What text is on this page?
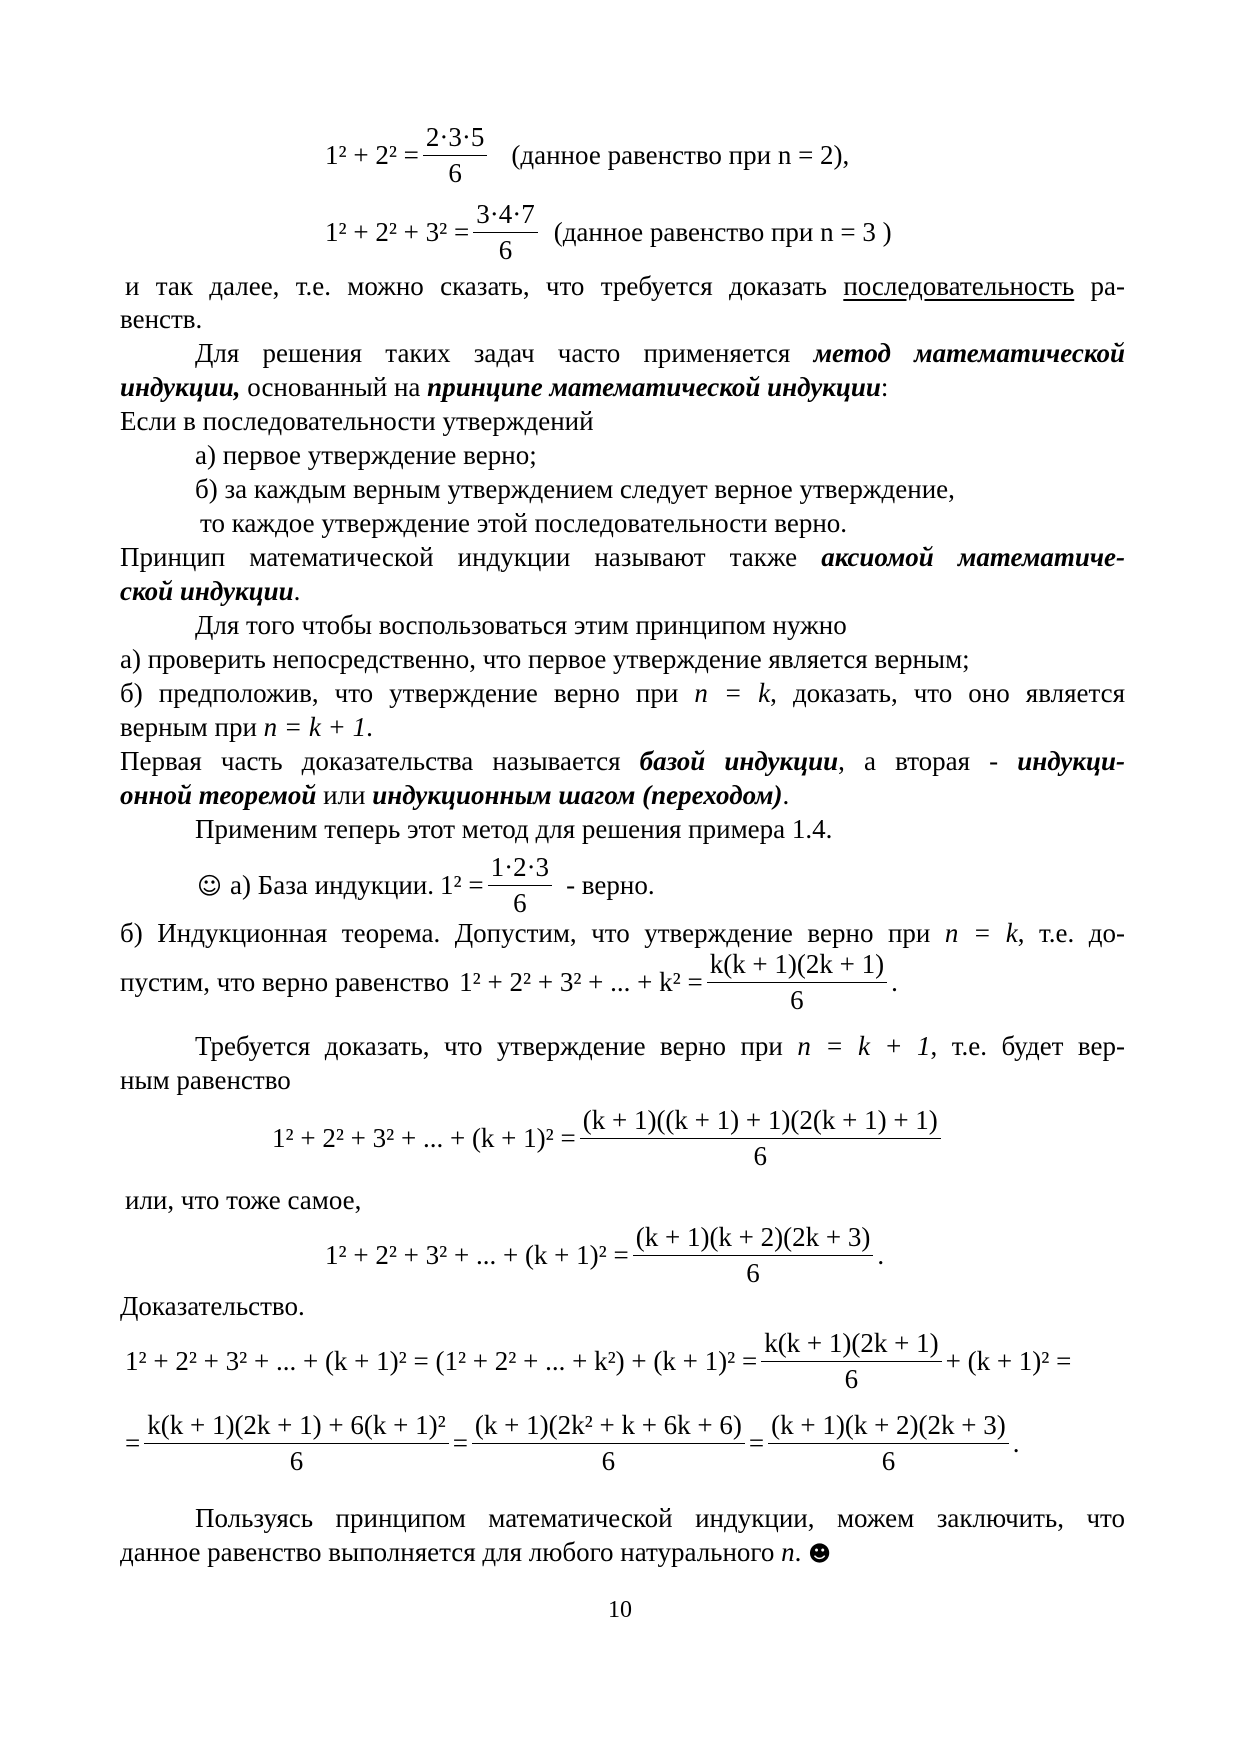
$1^2 + 2^2 = \frac{2\cdot 3\cdot 5}{6}$ (данное равенство при n = 2),
$1^2 + 2^2 + 3^2 = \frac{3\cdot 4\cdot 7}{6}$ (данное равенство при n = 3 )
и так далее, т.е. можно сказать, что требуется доказать последовательность ра-
венств.
Для решения таких задач часто применяется метод математической
индукции, основанный на принципе математической индукции:
Если в последовательности утверждений
а) первое утверждение верно;
б) за каждым верным утверждением следует верное утверждение,
то каждое утверждение этой последовательности верно.
Принцип математической индукции называют также аксиомой математиче-
ской индукции.
Для того чтобы воспользоваться этим принципом нужно
а) проверить непосредственно, что первое утверждение является верным;
б) предположив, что утверждение верно при n = k, доказать, что оно является
верным при n = k + 1.
Первая часть доказательства называется базой индукции, а вторая - индукци-
онной теоремой или индукционным шагом (переходом).
Применим теперь этот метод для решения примера 1.4.
☺ а) База индукции. $1^2 = \frac{1\cdot 2\cdot 3}{6}$ - верно.
б) Индукционная теорема. Допустим, что утверждение верно при n = k, т.е. до-
пустим, что верно равенство 1² + 2² + 3² + ... + $k^2 = \frac{k(k + 1)(2k + 1)}{6}$ .
Требуется доказать, что утверждение верно при n = k + 1, т.е. будет вер-
ным равенство
1² + 2² + 3² + ... + $(k + 1)^2 = \frac{(k + 1)((k + 1) + 1)(2(k + 1) + 1)}{6}$
или, что тоже самое,
1² + 2² + 3² + ... + $(k + 1)^2 = \frac{(k + 1)(k + 2)(2k + 3)}{6}$ .
Доказательство.
1² + 2² + 3² + ... + (k + 1)² = (1² + 2² + ... + $k^2) + (k + 1)^2 = \frac{k(k + 1)(2k + 1)}{6} + (k + 1)^2$ =
= $\frac{\text{k(k + 1)(2k + 1) + 6(k + 1)²}}{6} = \frac{\text{(k + 1)(2k² + k + 6k + 6)}}{6} = \frac{(k + 1)(k + 2)(2k + 3)}{6}$ .
Пользуясь принципом математической индукции, можем заключить, что
данное равенство выполняется для любого натурального n. ☻
10
